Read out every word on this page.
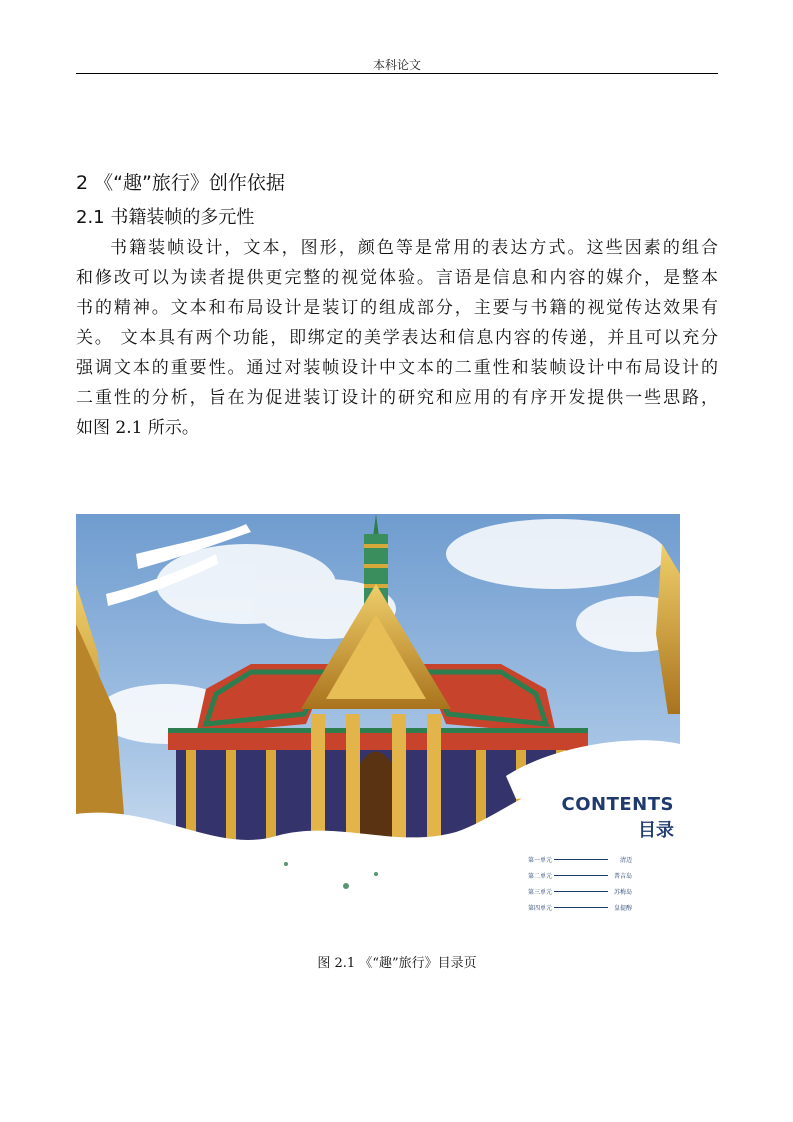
本科论文
2 《“趣”旅行》创作依据
2.1 书籍装帧的多元性

书籍装帧设计，文本，图形，颜色等是常用的表达方式。这些因素的组合
和修改可以为读者提供更完整的视觉体验。言语是信息和内容的媒介，是整本
书的精神。文本和布局设计是装订的组成部分，主要与书籍的视觉传达效果有
关。 文本具有两个功能，即绑定的美学表达和信息内容的传递，并且可以充分
强调文本的重要性。通过对装帧设计中文本的二重性和装帧设计中布局设计的
二重性的分析，旨在为促进装订设计的研究和应用的有序开发提供一些思路，
如图 2.1 所示。

CONTENTS
目录
第一单元	清迈
第二单元	普吉岛
第三单元	苏梅岛
第四单元	皇提醇

图 2.1 《“趣”旅行》目录页
